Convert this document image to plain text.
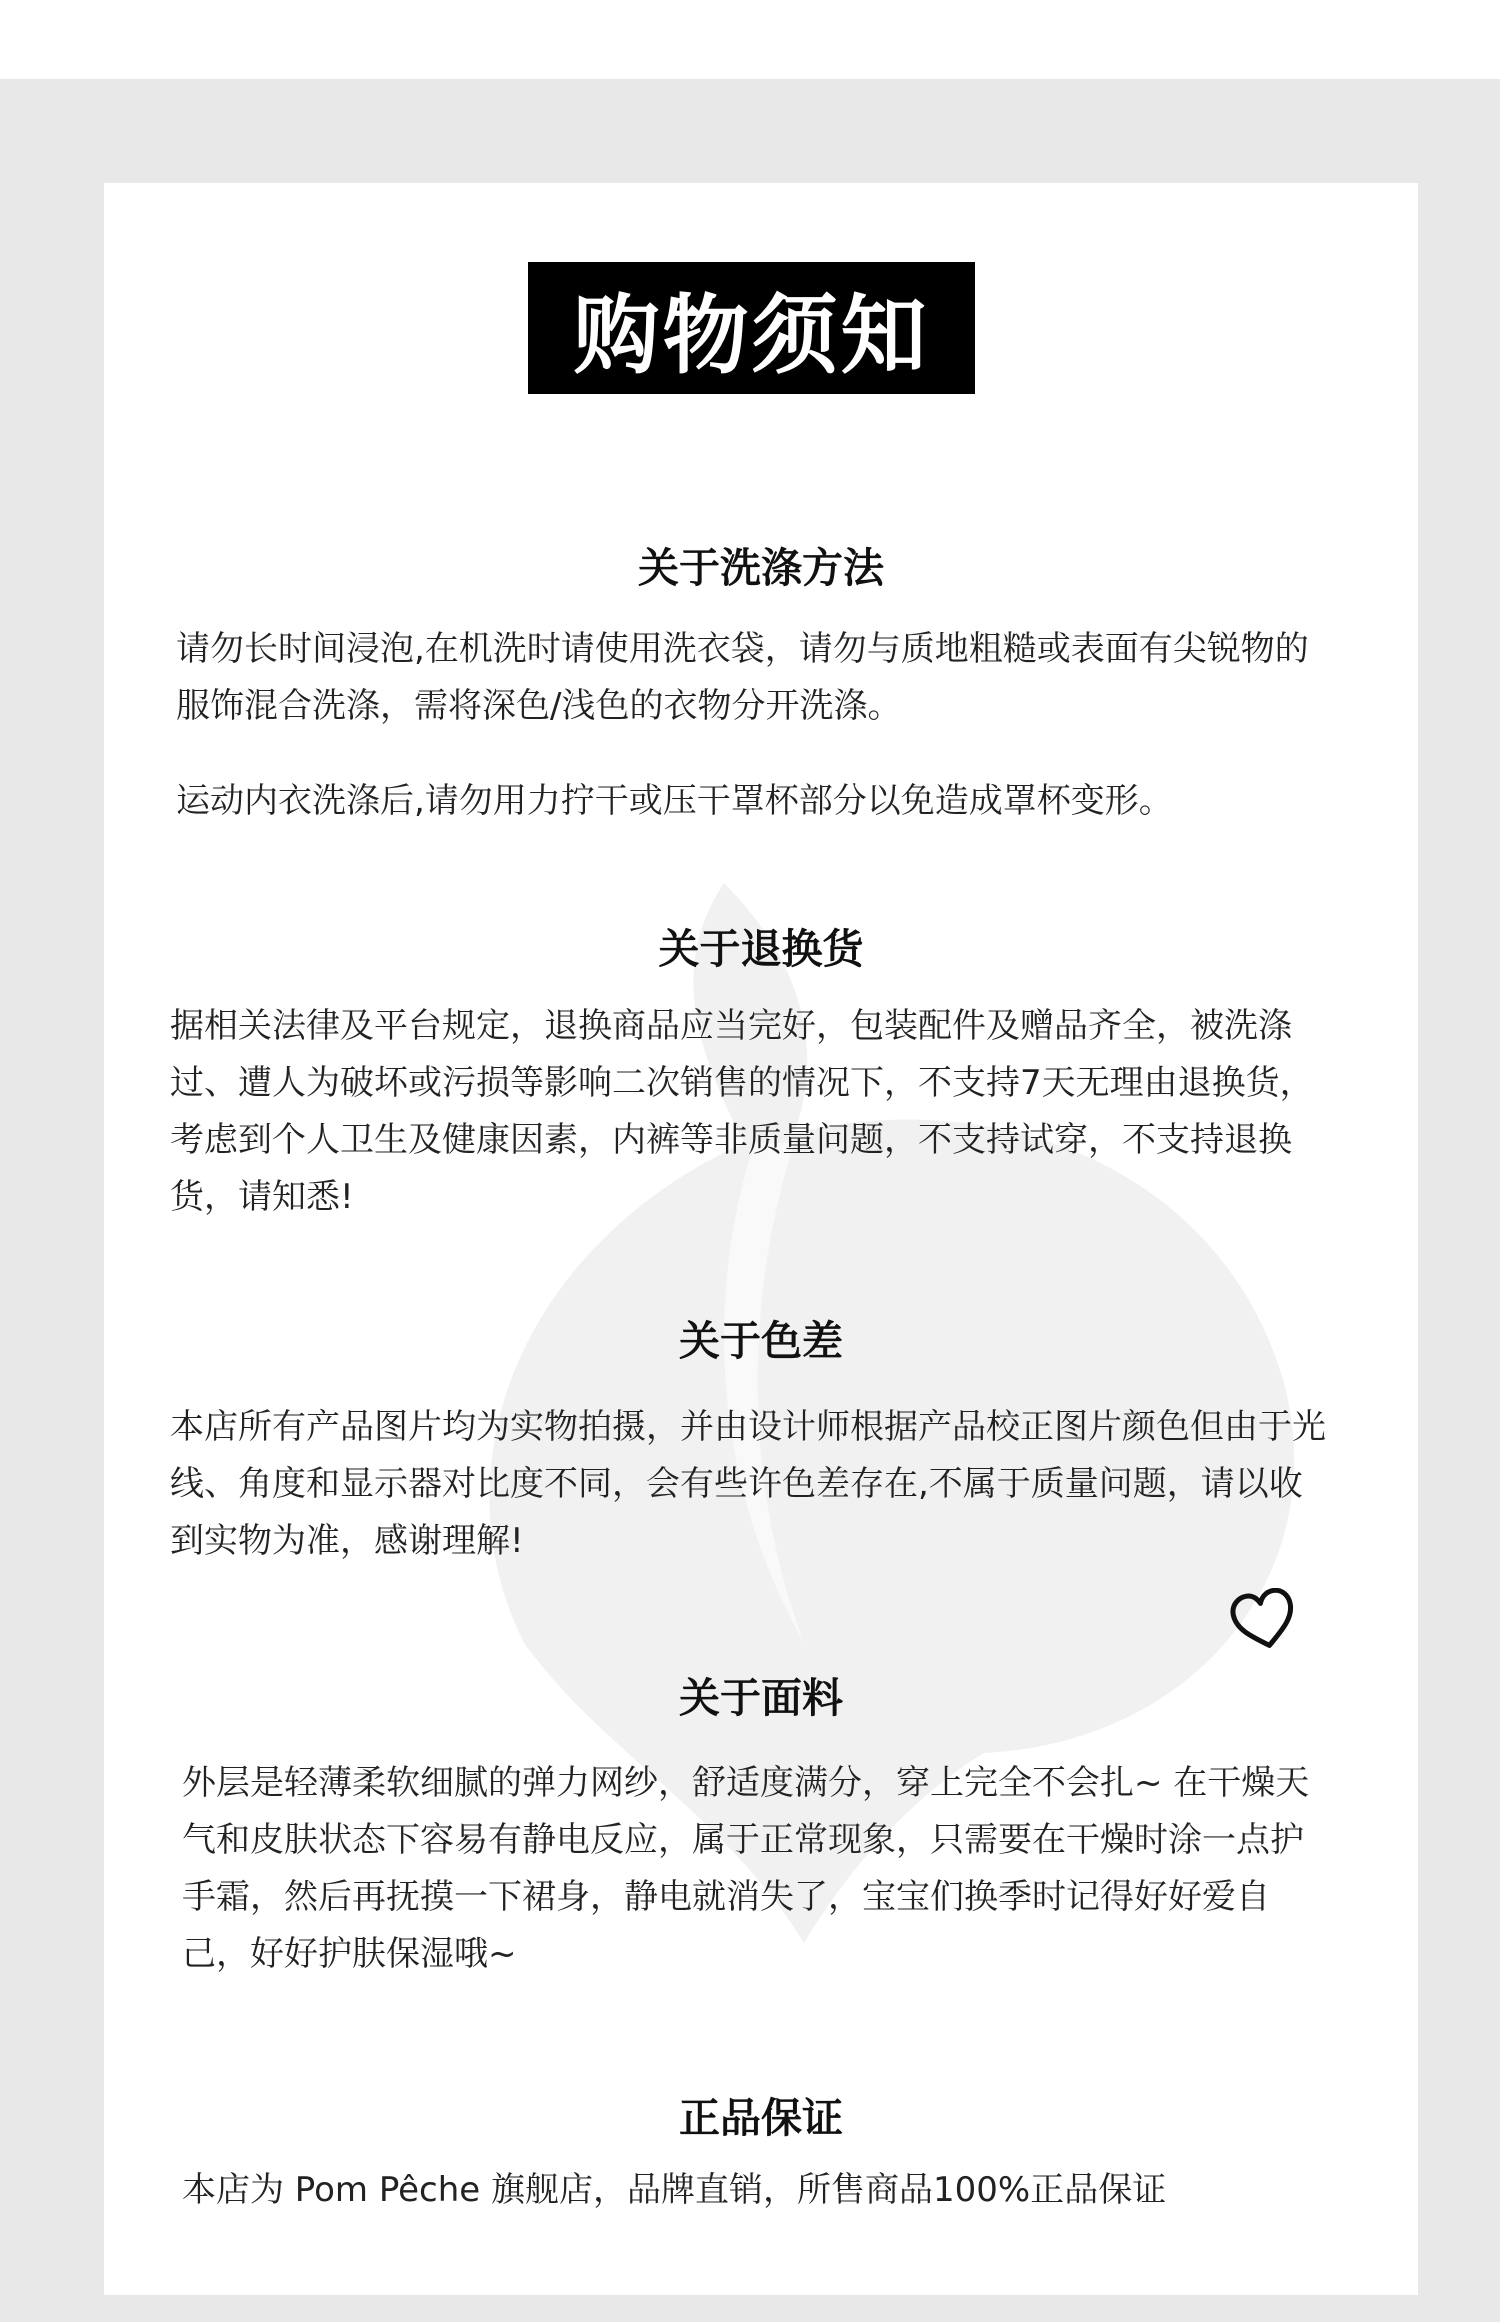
购物须知
关于洗涤方法
请勿长时间浸泡,在机洗时请使用洗衣袋，请勿与质地粗糙或表面有尖锐物的服饰混合洗涤，需将深色/浅色的衣物分开洗涤。
运动内衣洗涤后,请勿用力拧干或压干罩杯部分以免造成罩杯变形。
关于退换货
据相关法律及平台规定，退换商品应当完好，包装配件及赠品齐全，被洗涤过、遭人为破坏或污损等影响二次销售的情况下，不支持7天无理由退换货，考虑到个人卫生及健康因素，内裤等非质量问题，不支持试穿，不支持退换货，请知悉!
关于色差
本店所有产品图片均为实物拍摄，并由设计师根据产品校正图片颜色但由于光线、角度和显示器对比度不同，会有些许色差存在,不属于质量问题，请以收到实物为准，感谢理解!
关于面料
外层是轻薄柔软细腻的弹力网纱，舒适度满分，穿上完全不会扎~ 在干燥天气和皮肤状态下容易有静电反应，属于正常现象，只需要在干燥时涂一点护手霜，然后再抚摸一下裙身，静电就消失了，宝宝们换季时记得好好爱自己，好好护肤保湿哦~
正品保证
本店为 Pom Pêche 旗舰店，品牌直销，所售商品100%正品保证
